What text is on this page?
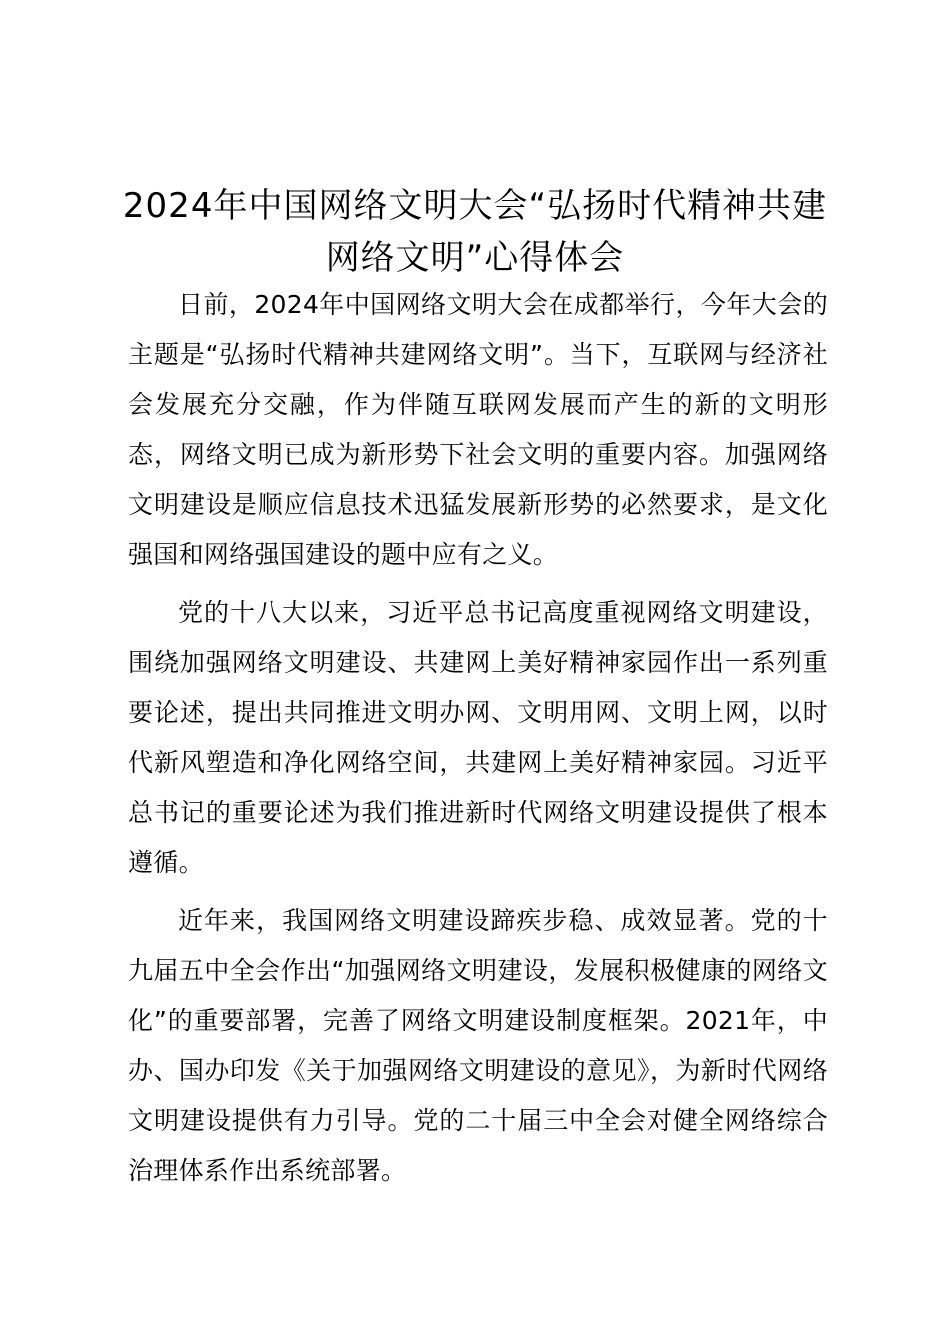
2024年中国网络文明大会“弘扬时代精神共建网络文明”心得体会

日前，2024年中国网络文明大会在成都举行，今年大会的主题是“弘扬时代精神共建网络文明”。当下，互联网与经济社会发展充分交融，作为伴随互联网发展而产生的新的文明形态，网络文明已成为新形势下社会文明的重要内容。加强网络文明建设是顺应信息技术迅猛发展新形势的必然要求，是文化强国和网络强国建设的题中应有之义。

党的十八大以来，习近平总书记高度重视网络文明建设，围绕加强网络文明建设、共建网上美好精神家园作出一系列重要论述，提出共同推进文明办网、文明用网、文明上网，以时代新风塑造和净化网络空间，共建网上美好精神家园。习近平总书记的重要论述为我们推进新时代网络文明建设提供了根本遵循。

近年来，我国网络文明建设蹄疾步稳、成效显著。党的十九届五中全会作出“加强网络文明建设，发展积极健康的网络文化”的重要部署，完善了网络文明建设制度框架。2021年，中办、国办印发《关于加强网络文明建设的意见》，为新时代网络文明建设提供有力引导。党的二十届三中全会对健全网络综合治理体系作出系统部署。
